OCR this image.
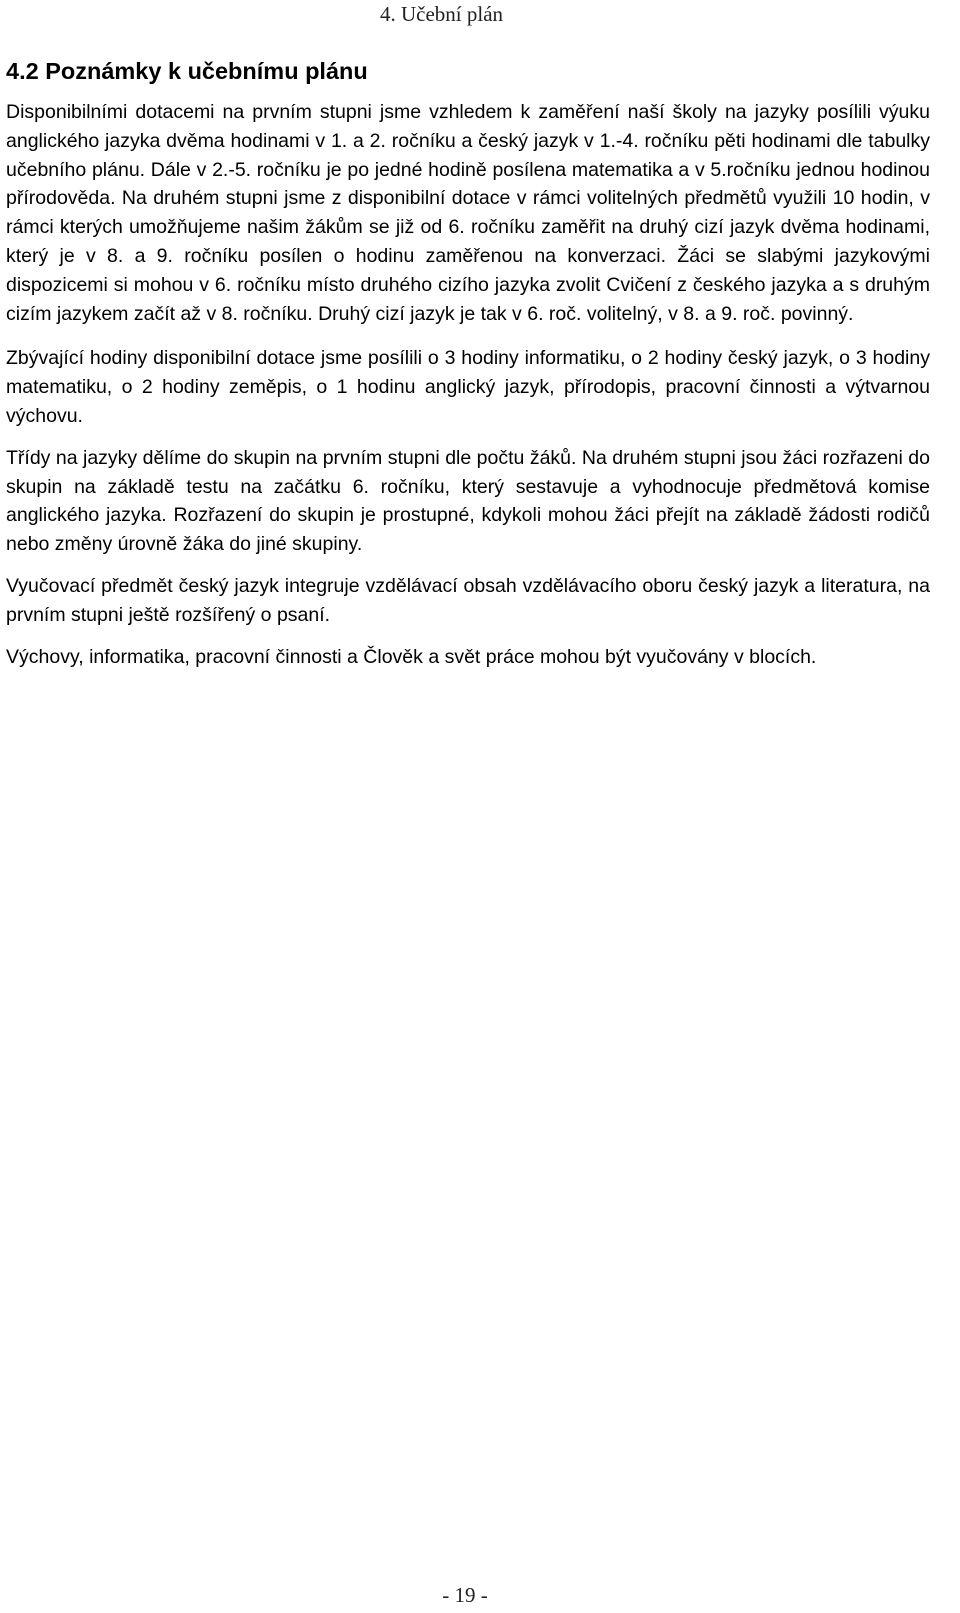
4. Učební plán
4.2 Poznámky k učebnímu plánu

Disponibilními dotacemi na prvním stupni jsme vzhledem k zaměření naší školy na jazyky posílili výuku anglického jazyka dvěma hodinami v 1. a 2. ročníku a český jazyk v 1.-4. ročníku pěti hodinami dle tabulky učebního plánu. Dále v 2.-5. ročníku je po jedné hodině posílena matematika a v 5.ročníku jednou hodinou přírodověda. Na druhém stupni jsme z disponibilní dotace v rámci volitelných předmětů využili 10 hodin, v rámci kterých umožňujeme našim žákům se již od 6. ročníku zaměřit na druhý cizí jazyk dvěma hodinami, který je v 8. a 9. ročníku posílen o hodinu zaměřenou na konverzaci. Žáci se slabými jazykovými dispozicemi si mohou v 6. ročníku místo druhého cizího jazyka zvolit Cvičení z českého jazyka a s druhým cizím jazykem začít až v 8. ročníku. Druhý cizí jazyk je tak v 6. roč. volitelný, v 8. a 9. roč. povinný.

Zbývající hodiny disponibilní dotace jsme posílili o 3 hodiny informatiku, o 2 hodiny český jazyk, o 3 hodiny matematiku, o 2 hodiny zeměpis, o 1 hodinu anglický jazyk, přírodopis, pracovní činnosti a výtvarnou výchovu.

Třídy na jazyky dělíme do skupin na prvním stupni dle počtu žáků. Na druhém stupni jsou žáci rozřazeni do skupin na základě testu na začátku 6. ročníku, který sestavuje a vyhodnocuje předmětová komise anglického jazyka. Rozřazení do skupin je prostupné, kdykoli mohou žáci přejít na základě žádosti rodičů nebo změny úrovně žáka do jiné skupiny.

Vyučovací předmět český jazyk integruje vzdělávací obsah vzdělávacího oboru český jazyk a literatura, na prvním stupni ještě rozšířený o psaní.

Výchovy, informatika, pracovní činnosti a Člověk a svět práce mohou být vyučovány v blocích.

- 19 -
